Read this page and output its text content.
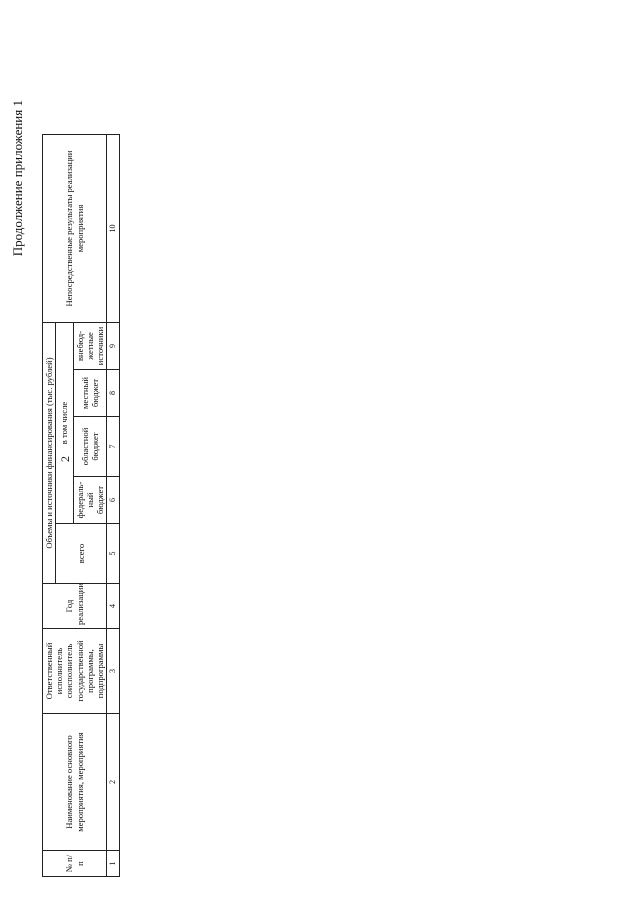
2
Продолжение приложения 1
№ п/п	Наименование основного мероприятия, мероприятия	Ответственный исполнитель соисполнитель государственной программы, подпрограммы	Год реализации	Объемы и источники финансирования (тыс. рублей)					Непосредственные результаты реализации мероприятия
				всего	в том числе				
					федераль-ный бюджет	областной бюджет	местный бюджет	внебюд-жетные источники	
1	2	3	4	5	6	7	8	9	10
